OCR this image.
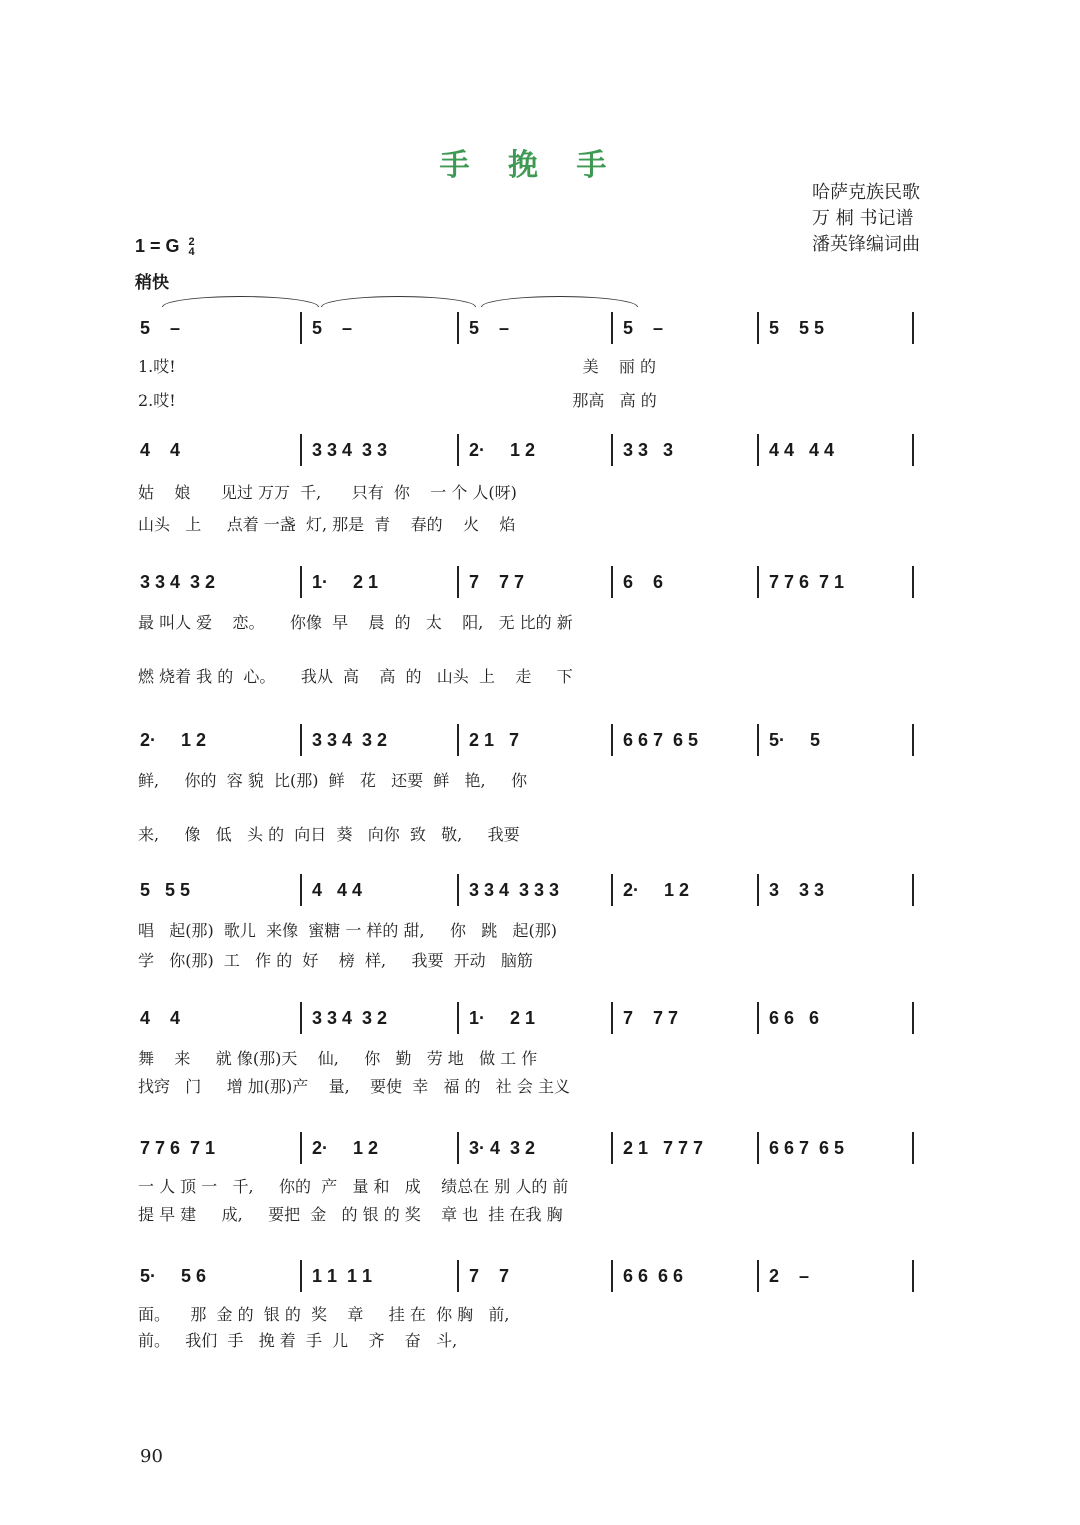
手 挽 手
哈萨克族民歌
万 桐 书记谱
潘英锋编词曲
1 = G 2
4
稍快
5    –	5    –	5    –	5    –	5    5 5
1.哎!                                                                                美    丽 的
2.哎!                                                                              那高   高 的
4    4	3 3 4  3 3	2·     1 2	3 3   3	4 4   4 4
姑    娘      见过 万万  千,      只有  你    一 个 人(呀)
山头   上     点着 一盏  灯, 那是  青    春的    火    焰
3 3 4  3 2	1·     2 1	7    7 7	6    6	7 7 6  7 1
最 叫人 爱    恋。     你像  早    晨  的   太    阳,   无 比的 新
燃 烧着 我 的  心。     我从  高    高  的   山头  上    走     下
2·     1 2	3 3 4  3 2	2 1   7	6 6 7  6 5	5·     5
鲜,     你的  容 貌  比(那)  鲜   花   还要  鲜   艳,     你
来,     像   低   头 的  向日  葵   向你  致   敬,     我要
5   5 5	4   4 4	3 3 4  3 3 3	2·     1 2	3    3 3
唱   起(那)  歌儿  来像  蜜糖 一 样的 甜,     你   跳   起(那)
学   你(那)  工   作 的  好    榜  样,     我要  开动   脑筋
4    4	3 3 4  3 2	1·     2 1	7    7 7	6 6   6
舞    来     就 像(那)天    仙,     你   勤   劳 地   做 工 作
找窍   门     增 加(那)产    量,    要使  幸   福 的   社 会 主义
7 7 6  7 1	2·     1 2	3· 4  3 2	2 1   7 7 7	6 6 7  6 5
一 人 顶 一   千,     你的  产   量 和   成    绩总在 别 人的 前
提 早 建     成,     要把  金   的 银 的 奖    章 也  挂 在我 胸
5·     5 6	1 1  1 1	7    7	6 6  6 6	2    –
面。    那  金 的  银 的  奖    章     挂 在  你 胸   前,
前。   我们  手   挽 着  手  儿    齐    奋   斗,
90
